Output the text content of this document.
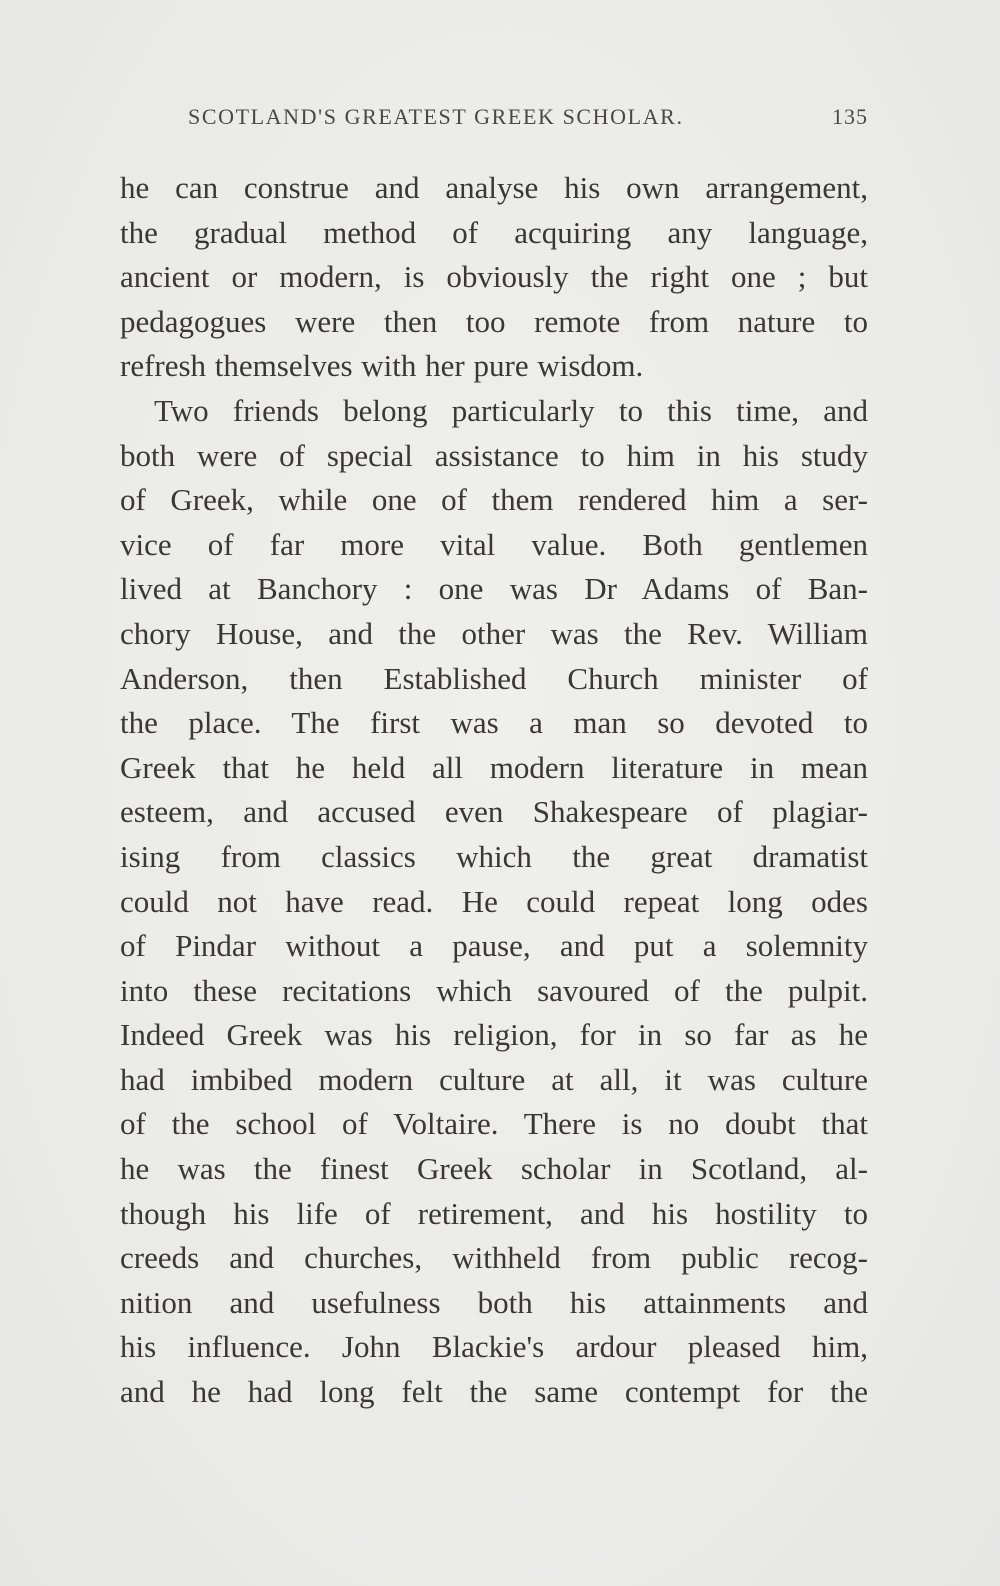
SCOTLAND'S GREATEST GREEK SCHOLAR.	135
he can construe and analyse his own arrangement,
the gradual method of acquiring any language,
ancient or modern, is obviously the right one ; but
pedagogues were then too remote from nature to
refresh themselves with her pure wisdom.
Two friends belong particularly to this time, and
both were of special assistance to him in his study
of Greek, while one of them rendered him a ser-
vice of far more vital value. Both gentlemen
lived at Banchory : one was Dr Adams of Ban-
chory House, and the other was the Rev. William
Anderson, then Established Church minister of
the place. The first was a man so devoted to
Greek that he held all modern literature in mean
esteem, and accused even Shakespeare of plagiar-
ising from classics which the great dramatist
could not have read. He could repeat long odes
of Pindar without a pause, and put a solemnity
into these recitations which savoured of the pulpit.
Indeed Greek was his religion, for in so far as he
had imbibed modern culture at all, it was culture
of the school of Voltaire. There is no doubt that
he was the finest Greek scholar in Scotland, al-
though his life of retirement, and his hostility to
creeds and churches, withheld from public recog-
nition and usefulness both his attainments and
his influence. John Blackie's ardour pleased him,
and he had long felt the same contempt for the
